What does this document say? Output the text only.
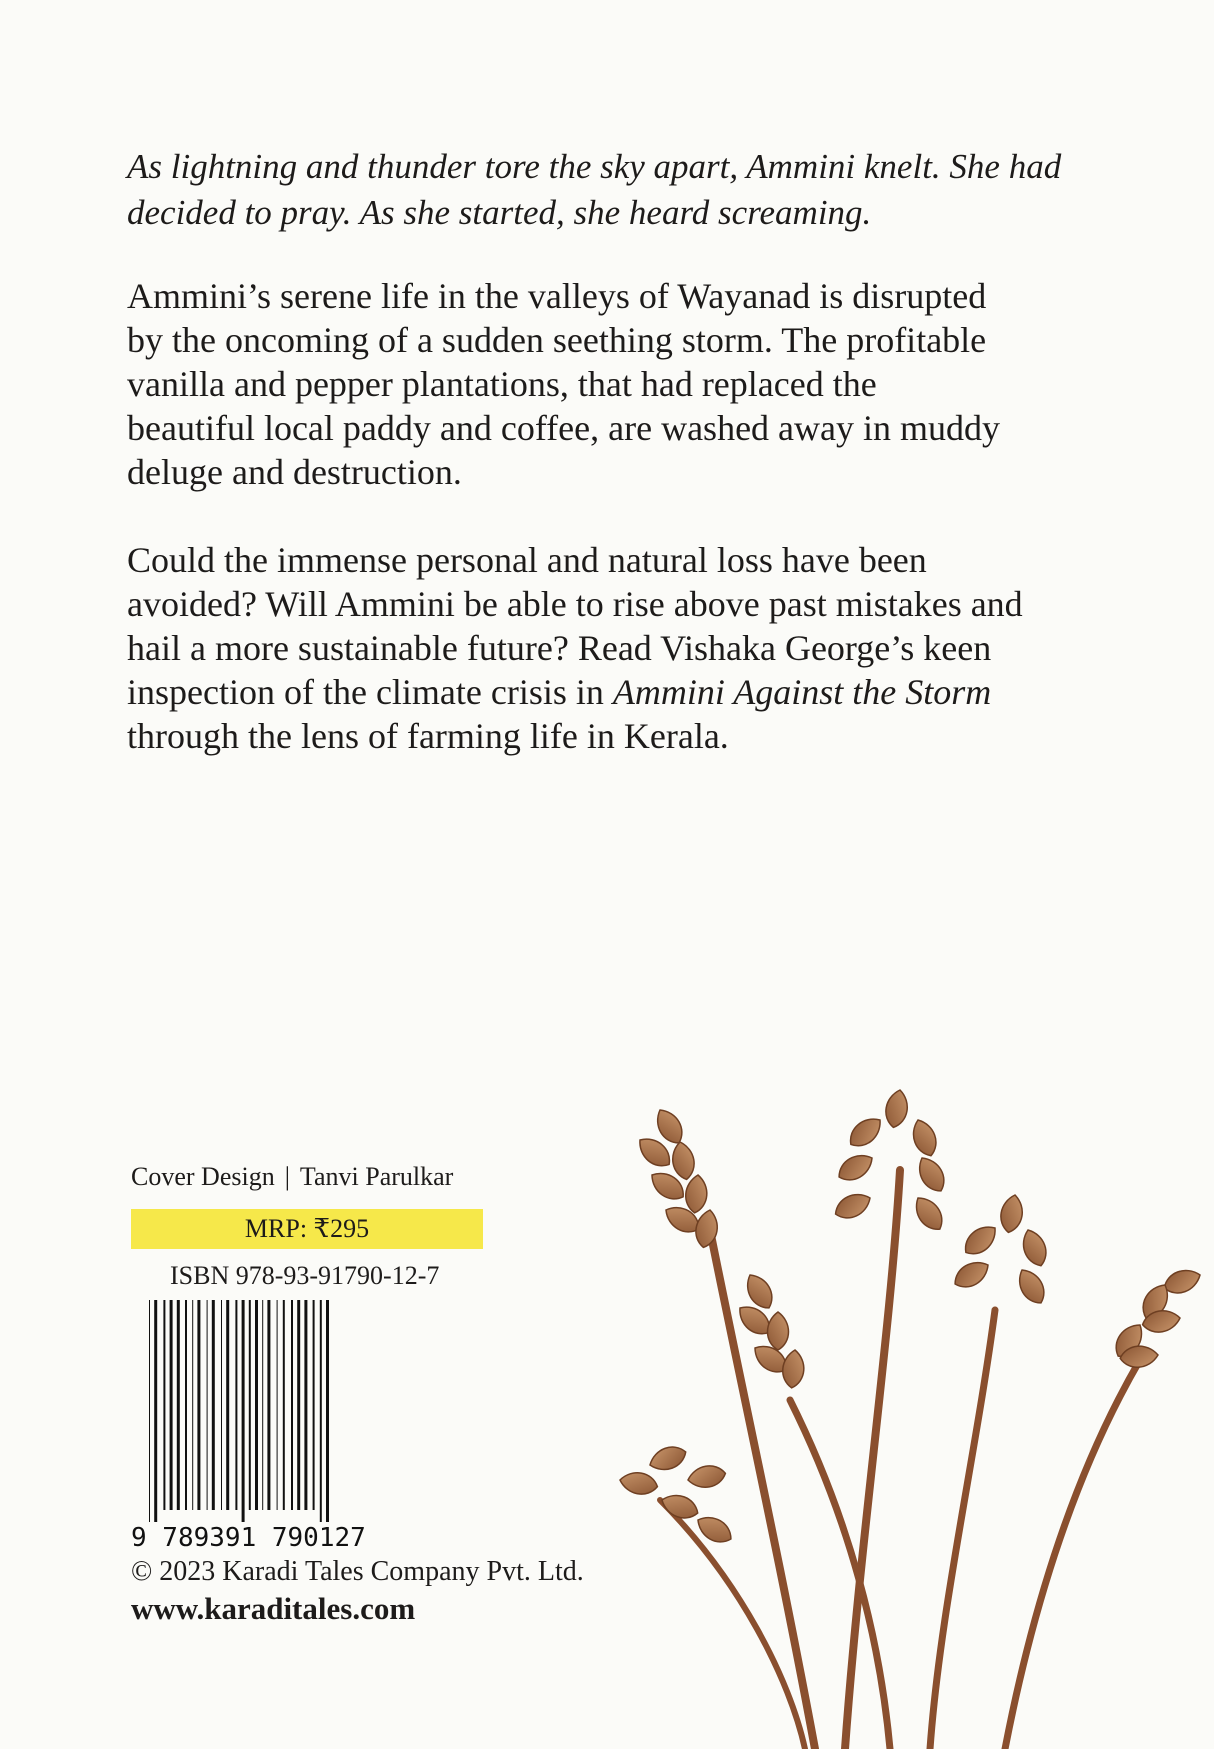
As lightning and thunder tore the sky apart, Ammini knelt. She had
decided to pray. As she started, she heard screaming.

Ammini’s serene life in the valleys of Wayanad is disrupted
by the oncoming of a sudden seething storm. The profitable
vanilla and pepper plantations, that had replaced the
beautiful local paddy and coffee, are washed away in muddy
deluge and destruction.

Could the immense personal and natural loss have been
avoided? Will Ammini be able to rise above past mistakes and
hail a more sustainable future? Read Vishaka George’s keen
inspection of the climate crisis in Ammini Against the Storm
through the lens of farming life in Kerala.

Cover Design | Tanvi Parulkar
MRP: ₹295
ISBN 978-93-91790-12-7
9 789391 790127
© 2023 Karadi Tales Company Pvt. Ltd.
www.karaditales.com
